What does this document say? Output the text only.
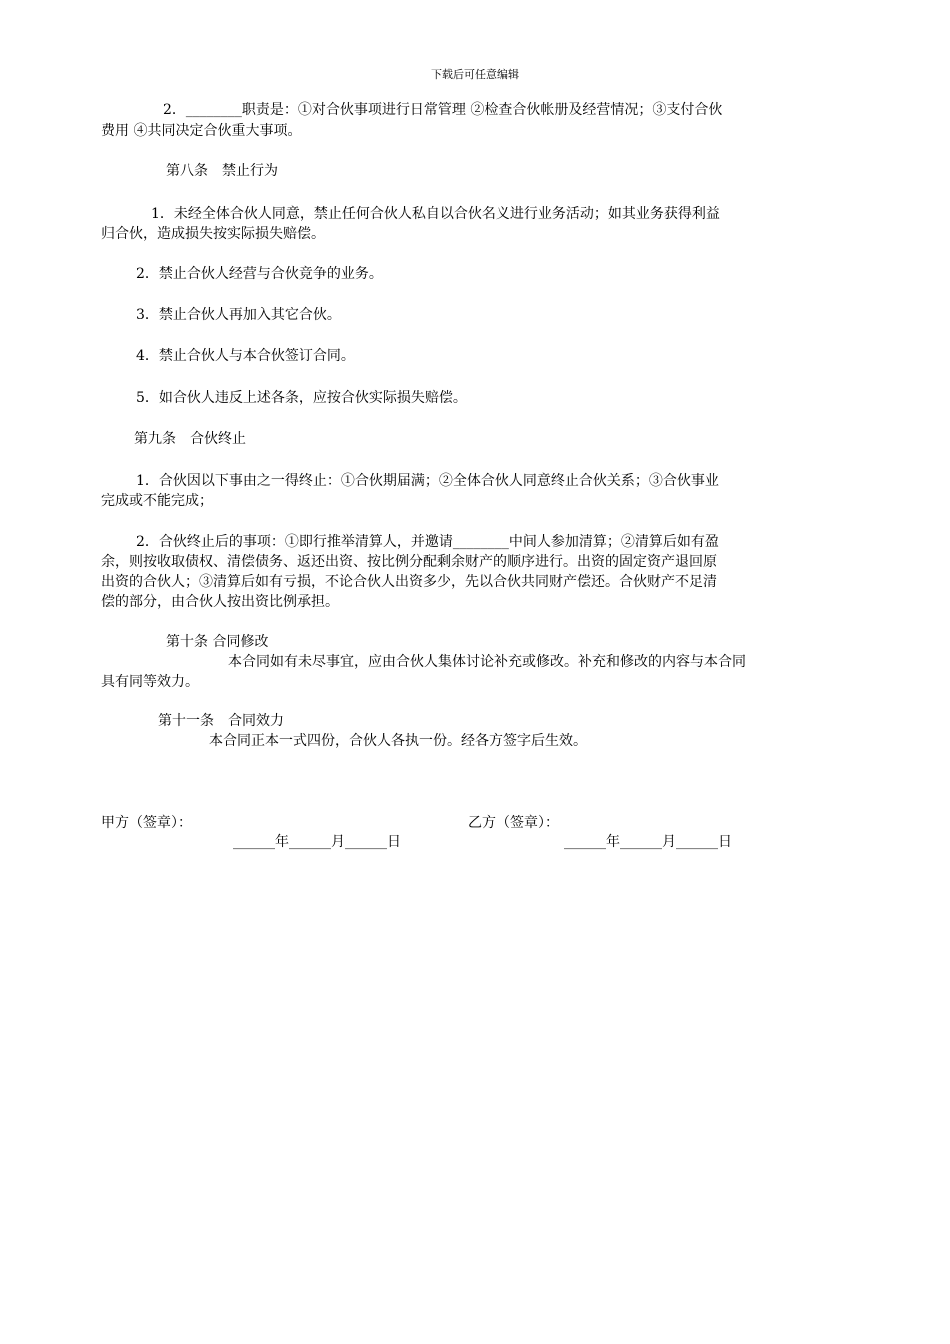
下载后可任意编辑
2．________职责是：①对合伙事项进行日常管理 ②检查合伙帐册及经营情况；③支付合伙
费用 ④共同决定合伙重大事项。
第八条　禁止行为
1．未经全体合伙人同意，禁止任何合伙人私自以合伙名义进行业务活动；如其业务获得利益
归合伙，造成损失按实际损失赔偿。
2．禁止合伙人经营与合伙竞争的业务。
3．禁止合伙人再加入其它合伙。
4．禁止合伙人与本合伙签订合同。
5．如合伙人违反上述各条，应按合伙实际损失赔偿。
第九条　合伙终止
1．合伙因以下事由之一得终止：①合伙期届满；②全体合伙人同意终止合伙关系；③合伙事业
完成或不能完成；
2．合伙终止后的事项：①即行推举清算人，并邀请________中间人参加清算；②清算后如有盈
余，则按收取债权、清偿债务、返还出资、按比例分配剩余财产的顺序进行。出资的固定资产退回原
出资的合伙人；③清算后如有亏损，不论合伙人出资多少，先以合伙共同财产偿还。合伙财产不足清
偿的部分，由合伙人按出资比例承担。
第十条 合同修改
本合同如有未尽事宜，应由合伙人集体讨论补充或修改。补充和修改的内容与本合同
具有同等效力。
第十一条　合同效力
本合同正本一式四份，合伙人各执一份。经各方签字后生效。
甲方（签章）：
______年______月______日
乙方（签章）：
______年______月______日
